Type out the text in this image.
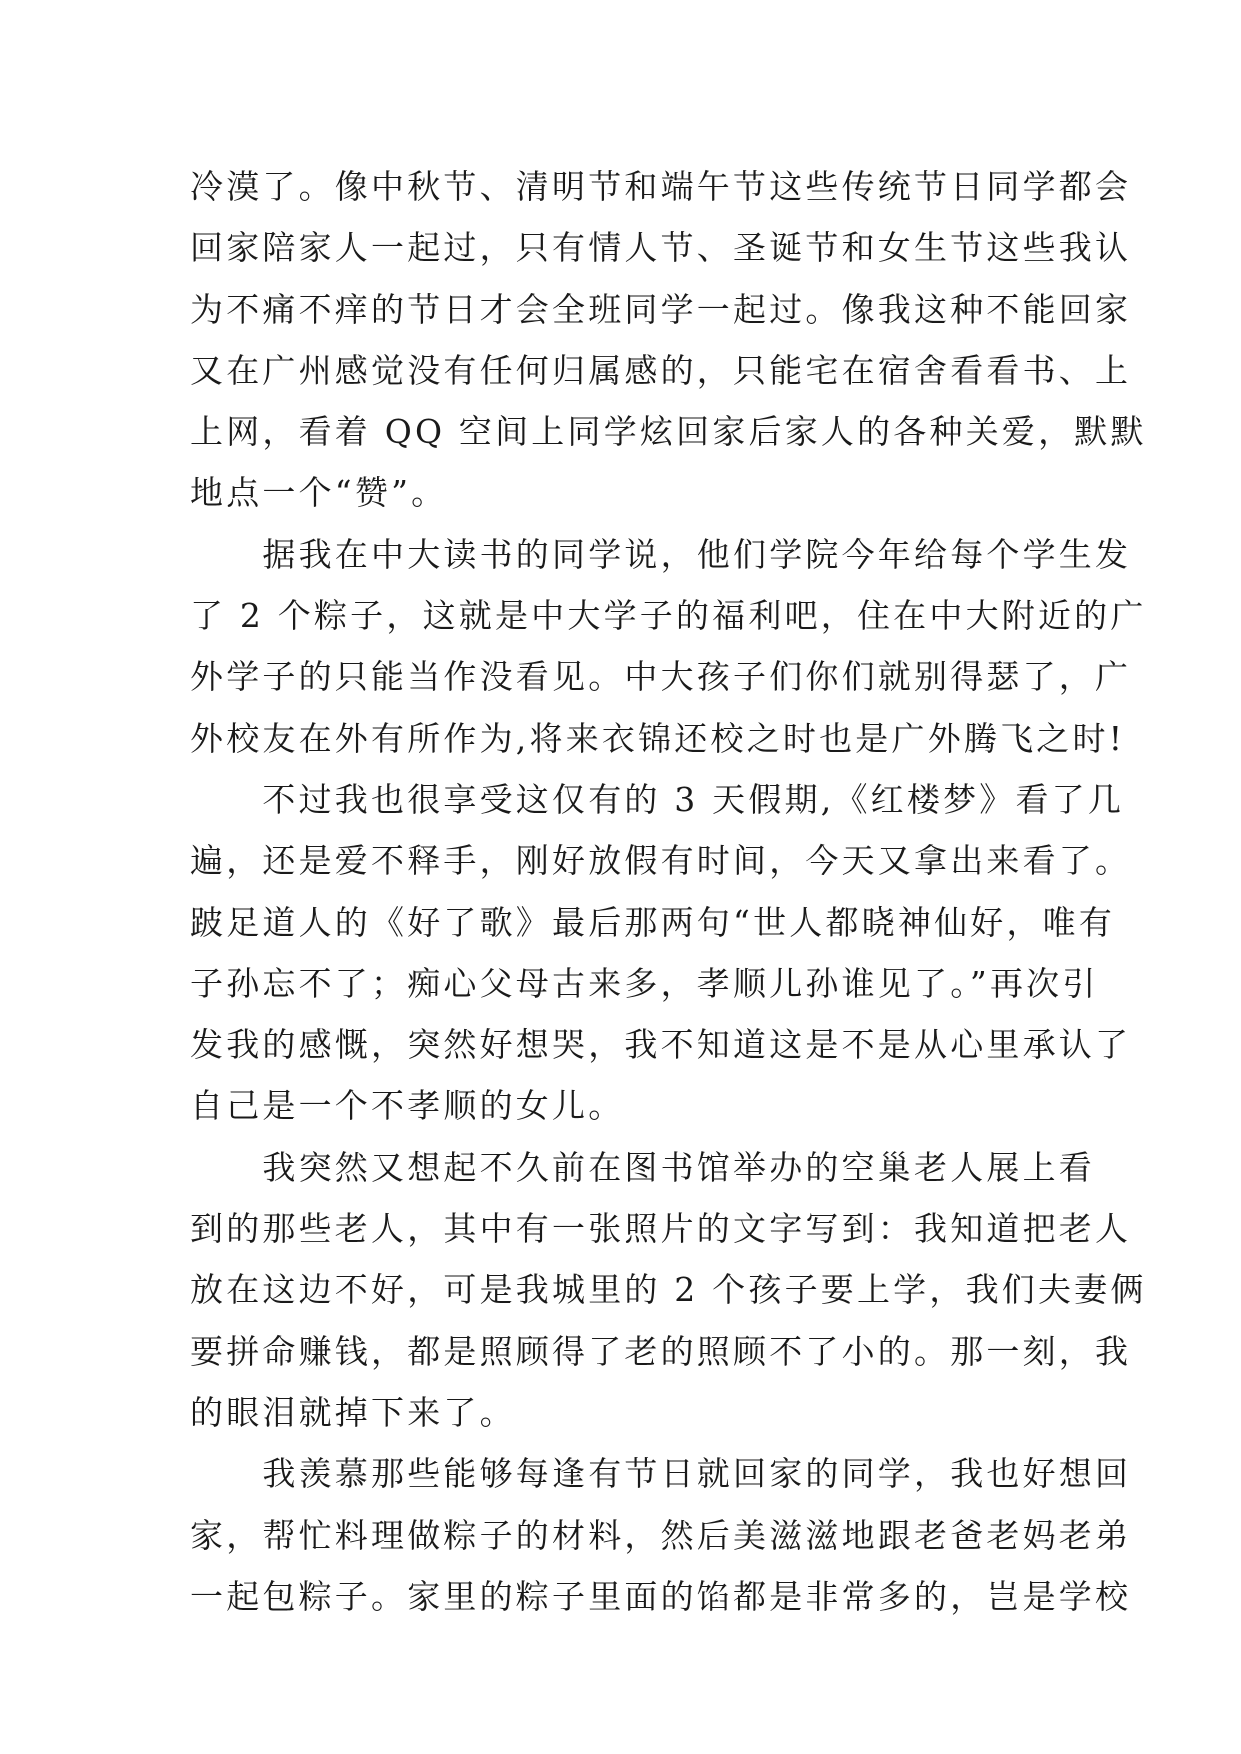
冷漠了。像中秋节、清明节和端午节这些传统节日同学都会
回家陪家人一起过，只有情人节、圣诞节和女生节这些我认
为不痛不痒的节日才会全班同学一起过。像我这种不能回家
又在广州感觉没有任何归属感的，只能宅在宿舍看看书、上
上网，看着 QQ 空间上同学炫回家后家人的各种关爱，默默
地点一个“赞”。
　　据我在中大读书的同学说，他们学院今年给每个学生发
了 2 个粽子，这就是中大学子的福利吧，住在中大附近的广
外学子的只能当作没看见。中大孩子们你们就别得瑟了，广
外校友在外有所作为,将来衣锦还校之时也是广外腾飞之时!
　　不过我也很享受这仅有的 3 天假期,《红楼梦》看了几
遍，还是爱不释手，刚好放假有时间，今天又拿出来看了。
跛足道人的《好了歌》最后那两句“世人都晓神仙好，唯有
子孙忘不了；痴心父母古来多，孝顺儿孙谁见了。”再次引
发我的感慨，突然好想哭，我不知道这是不是从心里承认了
自己是一个不孝顺的女儿。
　　我突然又想起不久前在图书馆举办的空巢老人展上看
到的那些老人，其中有一张照片的文字写到：我知道把老人
放在这边不好，可是我城里的 2 个孩子要上学，我们夫妻俩
要拼命赚钱，都是照顾得了老的照顾不了小的。那一刻，我
的眼泪就掉下来了。
　　我羡慕那些能够每逢有节日就回家的同学，我也好想回
家，帮忙料理做粽子的材料，然后美滋滋地跟老爸老妈老弟
一起包粽子。家里的粽子里面的馅都是非常多的，岂是学校
